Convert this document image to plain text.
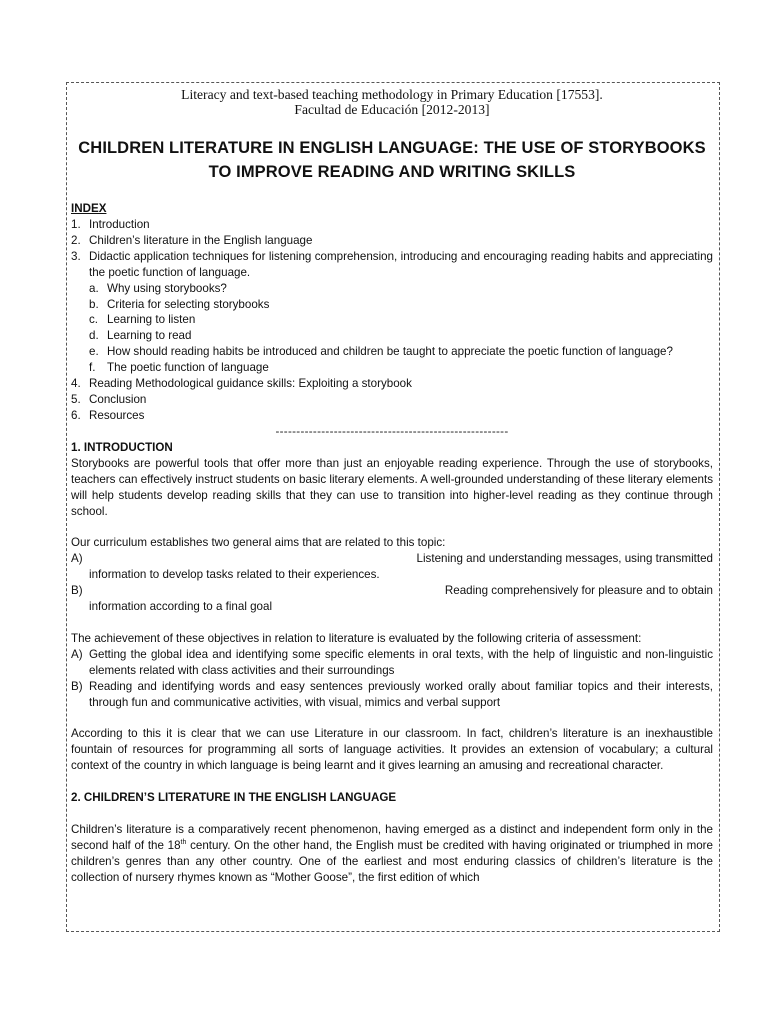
Literacy and text-based teaching methodology in Primary Education [17553].
Facultad de Educación [2012-2013]
CHILDREN LITERATURE IN ENGLISH LANGUAGE: THE USE OF STORYBOOKS
TO IMPROVE READING AND WRITING SKILLS
INDEX
1. Introduction
2. Children’s literature in the English language
3. Didactic application techniques for listening comprehension, introducing and encouraging reading habits and appreciating the poetic function of language.
a. Why using storybooks?
b. Criteria for selecting storybooks
c. Learning to listen
d. Learning to read
e. How should reading habits be introduced and children be taught to appreciate the poetic function of language?
f. The poetic function of language
4. Reading Methodological guidance skills: Exploiting a storybook
5. Conclusion
6. Resources
--------------------------------------------------------
1. INTRODUCTION
Storybooks are powerful tools that offer more than just an enjoyable reading experience. Through the use of storybooks, teachers can effectively instruct students on basic literary elements. A well-grounded understanding of these literary elements will help students develop reading skills that they can use to transition into higher-level reading as they continue through school.
Our curriculum establishes two general aims that are related to this topic:
A)	Listening and understanding messages, using transmitted
information to develop tasks related to their experiences.
B)	Reading comprehensively for pleasure and to obtain
information according to a final goal
The achievement of these objectives in relation to literature is evaluated by the following criteria of assessment:
A) Getting the global idea and identifying some specific elements in oral texts, with the help of linguistic and non-linguistic elements related with class activities and their surroundings
B) Reading and identifying words and easy sentences previously worked orally about familiar topics and their interests, through fun and communicative activities, with visual, mimics and verbal support
According to this it is clear that we can use Literature in our classroom. In fact, children’s literature is an inexhaustible fountain of resources for programming all sorts of language activities. It provides an extension of vocabulary; a cultural context of the country in which language is being learnt and it gives learning an amusing and recreational character.
2. CHILDREN’S LITERATURE IN THE ENGLISH LANGUAGE
Children’s literature is a comparatively recent phenomenon, having emerged as a distinct and independent form only in the second half of the 18th century. On the other hand, the English must be credited with having originated or triumphed in more children’s genres than any other country. One of the earliest and most enduring classics of children’s literature is the collection of nursery rhymes known as “Mother Goose”, the first edition of which
